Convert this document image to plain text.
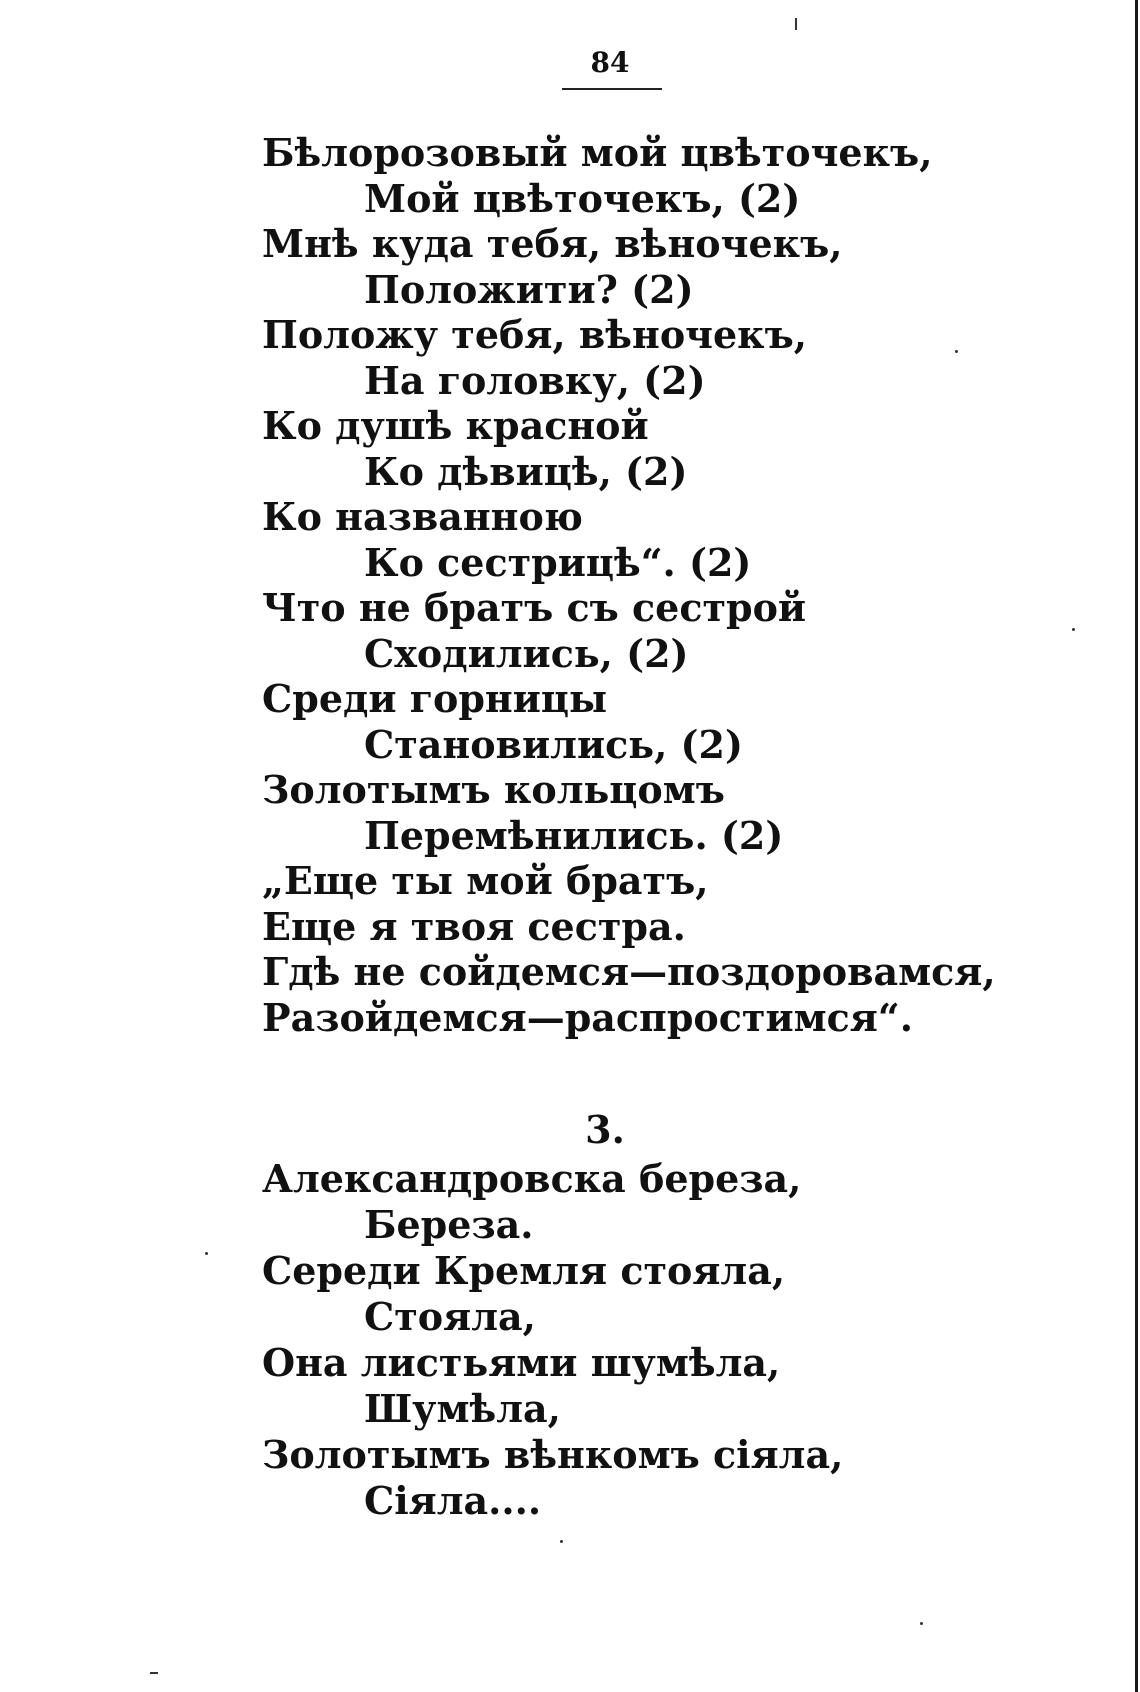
84
Бѣлорозовый мой цвѣточекъ,
Мой цвѣточекъ, (2)
Мнѣ куда тебя, вѣночекъ,
Положити? (2)
Положу тебя, вѣночекъ,
На головку, (2)
Ко душѣ красной
Ко дѣвицѣ, (2)
Ко названною
Ко сестрицѣ“. (2)
Что не братъ съ сестрой
Сходились, (2)
Среди горницы
Становились, (2)
Золотымъ кольцомъ
Перемѣнились. (2)
„Еще ты мой братъ,
Еще я твоя сестра.
Гдѣ не сойдемся—поздоровамся,
Разойдемся—распростимся“.
3.
Александровска береза,
Береза.
Середи Кремля стояла,
Стояла,
Она листьями шумѣла,
Шумѣла,
Золотымъ вѣнкомъ сіяла,
Сіяла....
